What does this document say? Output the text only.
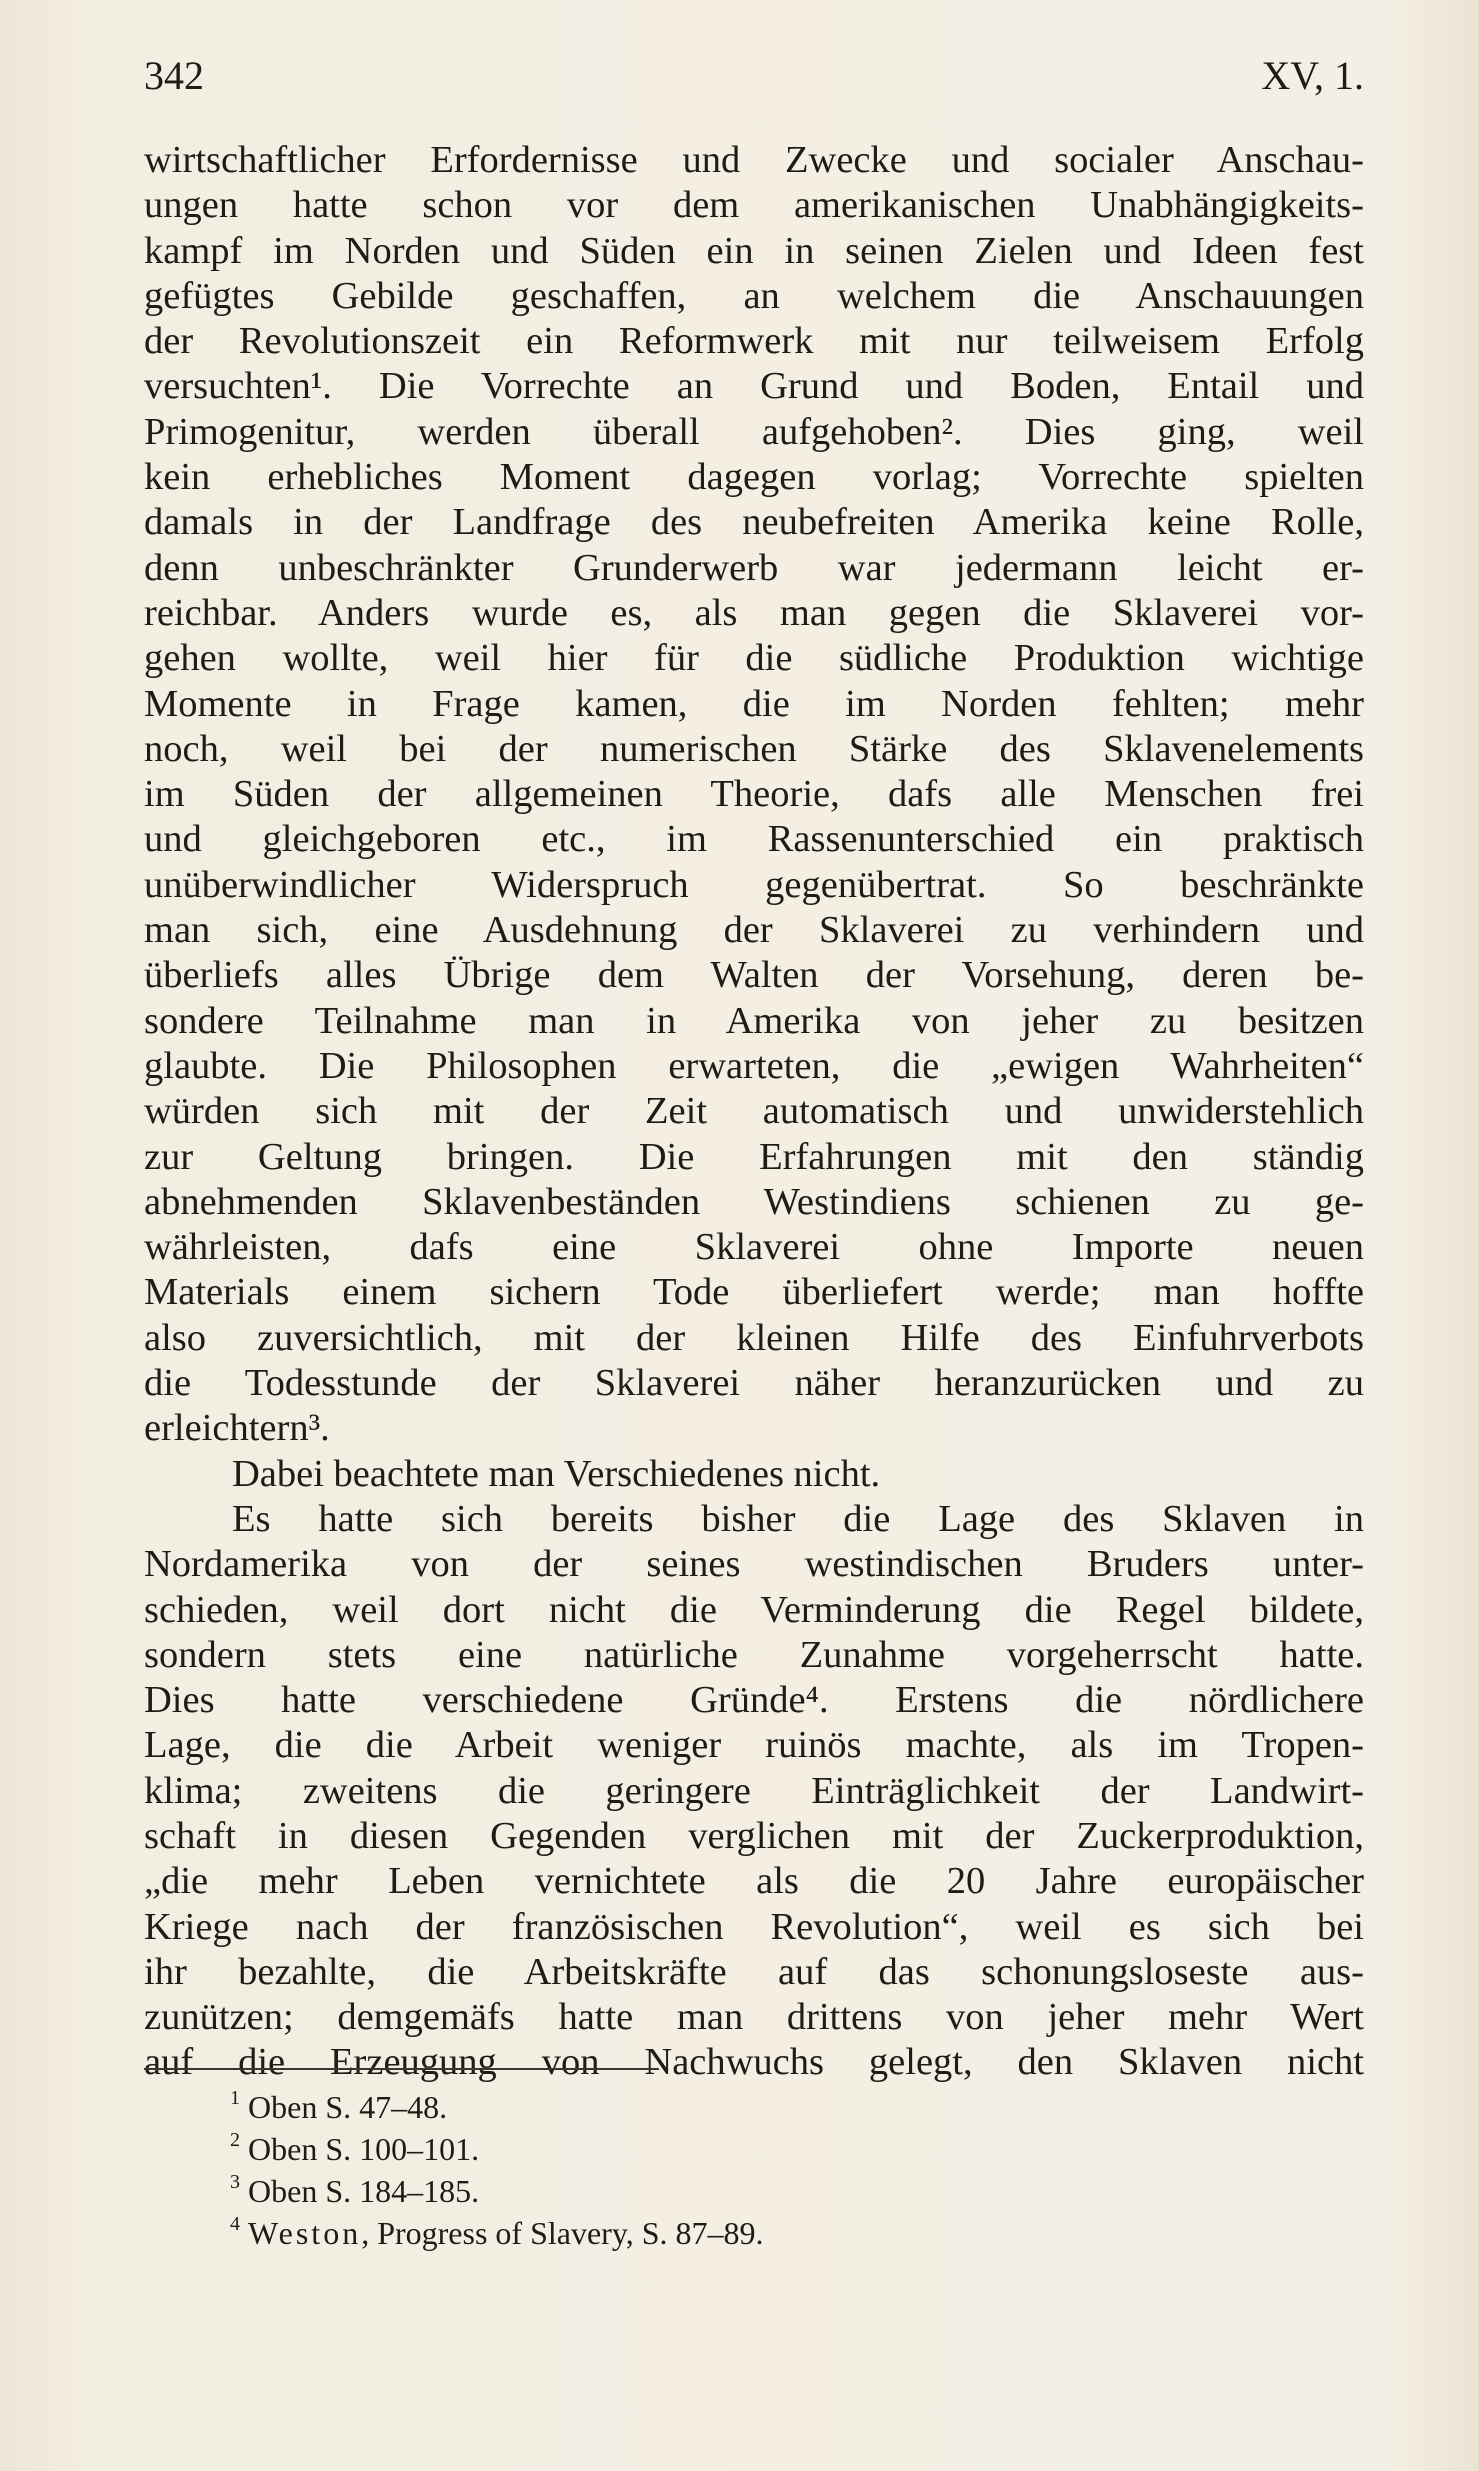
342	XV, 1.
wirtschaftlicher Erfordernisse und Zwecke und socialer Anschau-
ungen hatte schon vor dem amerikanischen Unabhängigkeits-
kampf im Norden und Süden ein in seinen Zielen und Ideen fest
gefügtes Gebilde geschaffen, an welchem die Anschauungen
der Revolutionszeit ein Reformwerk mit nur teilweisem Erfolg
versuchten¹. Die Vorrechte an Grund und Boden, Entail und
Primogenitur, werden überall aufgehoben². Dies ging, weil
kein erhebliches Moment dagegen vorlag; Vorrechte spielten
damals in der Landfrage des neubefreiten Amerika keine Rolle,
denn unbeschränkter Grunderwerb war jedermann leicht er-
reichbar. Anders wurde es, als man gegen die Sklaverei vor-
gehen wollte, weil hier für die südliche Produktion wichtige
Momente in Frage kamen, die im Norden fehlten; mehr
noch, weil bei der numerischen Stärke des Sklavenelements
im Süden der allgemeinen Theorie, dafs alle Menschen frei
und gleichgeboren etc., im Rassenunterschied ein praktisch
unüberwindlicher Widerspruch gegenübertrat. So beschränkte
man sich, eine Ausdehnung der Sklaverei zu verhindern und
überliefs alles Übrige dem Walten der Vorsehung, deren be-
sondere Teilnahme man in Amerika von jeher zu besitzen
glaubte. Die Philosophen erwarteten, die „ewigen Wahrheiten“
würden sich mit der Zeit automatisch und unwiderstehlich
zur Geltung bringen. Die Erfahrungen mit den ständig
abnehmenden Sklavenbeständen Westindiens schienen zu ge-
währleisten, dafs eine Sklaverei ohne Importe neuen
Materials einem sichern Tode überliefert werde; man hoffte
also zuversichtlich, mit der kleinen Hilfe des Einfuhrverbots
die Todesstunde der Sklaverei näher heranzurücken und zu
erleichtern³.
Dabei beachtete man Verschiedenes nicht.
Es hatte sich bereits bisher die Lage des Sklaven in
Nordamerika von der seines westindischen Bruders unter-
schieden, weil dort nicht die Verminderung die Regel bildete,
sondern stets eine natürliche Zunahme vorgeherrscht hatte.
Dies hatte verschiedene Gründe⁴. Erstens die nördlichere
Lage, die die Arbeit weniger ruinös machte, als im Tropen-
klima; zweitens die geringere Einträglichkeit der Landwirt-
schaft in diesen Gegenden verglichen mit der Zuckerproduktion,
„die mehr Leben vernichtete als die 20 Jahre europäischer
Kriege nach der französischen Revolution“, weil es sich bei
ihr bezahlte, die Arbeitskräfte auf das schonungsloseste aus-
zunützen; demgemäfs hatte man drittens von jeher mehr Wert
auf die Erzeugung von Nachwuchs gelegt, den Sklaven nicht
$^1$ Oben S. 47–48.
$^2$ Oben S. 100–101.
$^3$ Oben S. 184–185.
$^4$ Weston, Progress of Slavery, S. 87–89.
